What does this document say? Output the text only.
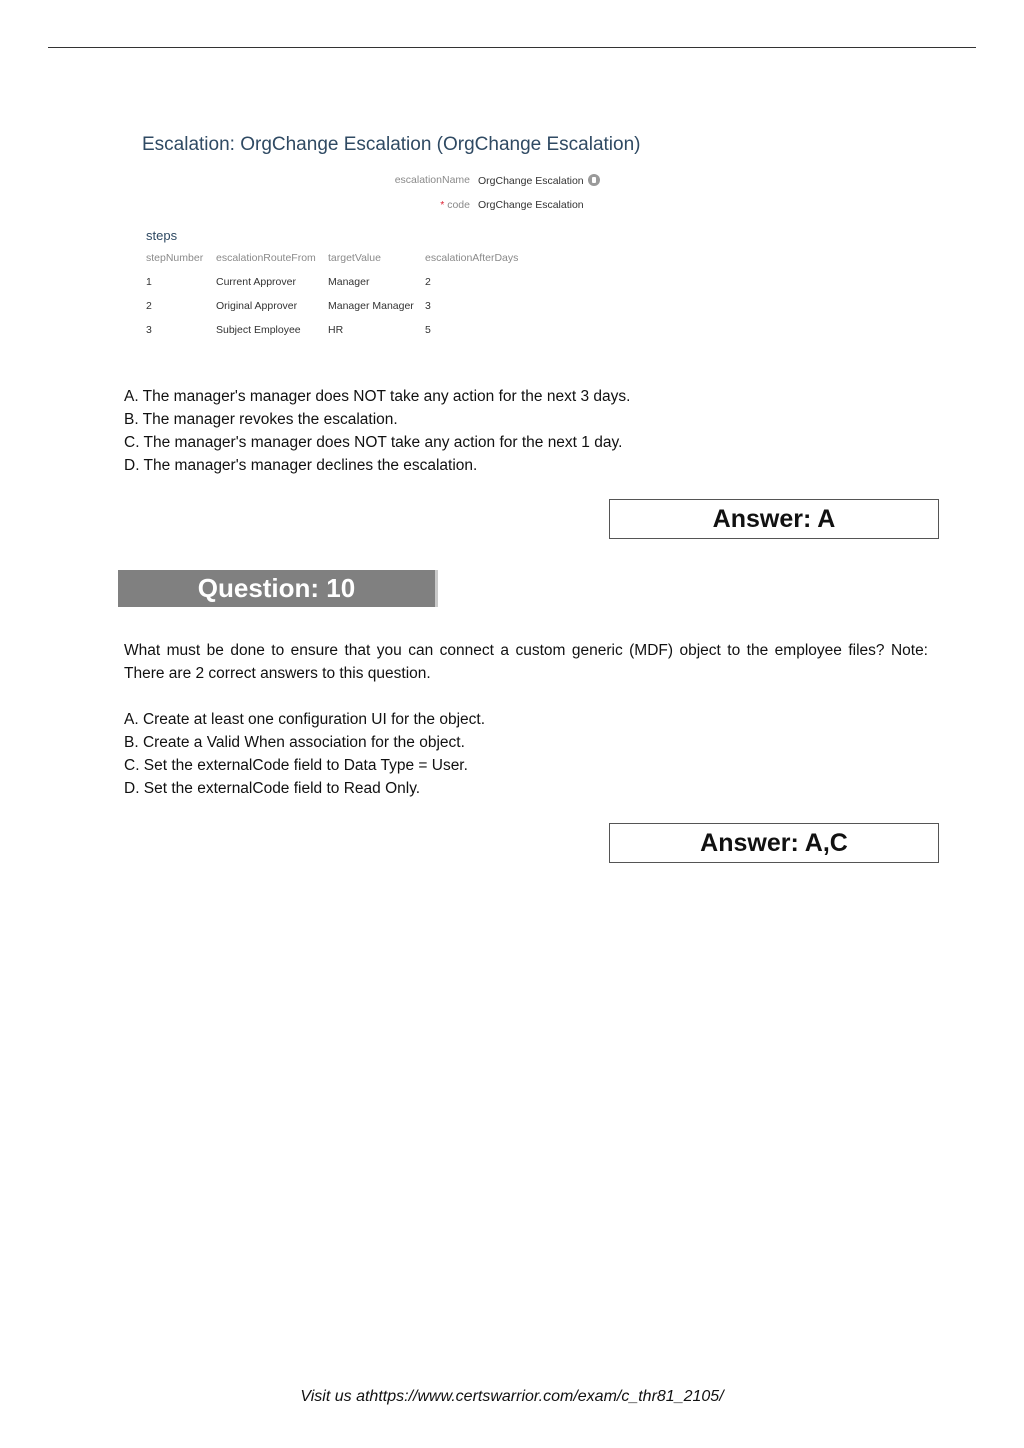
Escalation: OrgChange Escalation (OrgChange Escalation)
escalationName OrgChange Escalation
* code OrgChange Escalation
steps
stepNumber	escalationRouteFrom	targetValue	escalationAfterDays
1	Current Approver	Manager	2
2	Original Approver	Manager Manager	3
3	Subject Employee	HR	5
A. The manager's manager does NOT take any action for the next 3 days.
B. The manager revokes the escalation.
C. The manager's manager does NOT take any action for the next 1 day.
D. The manager's manager declines the escalation.
Answer: A
Question: 10
What must be done to ensure that you can connect a custom generic (MDF) object to the employee files? Note: There are 2 correct answers to this question.
A. Create at least one configuration UI for the object.
B. Create a Valid When association for the object.
C. Set the externalCode field to Data Type = User.
D. Set the externalCode field to Read Only.
Answer: A,C
Visit us athttps://www.certswarrior.com/exam/c_thr81_2105/
